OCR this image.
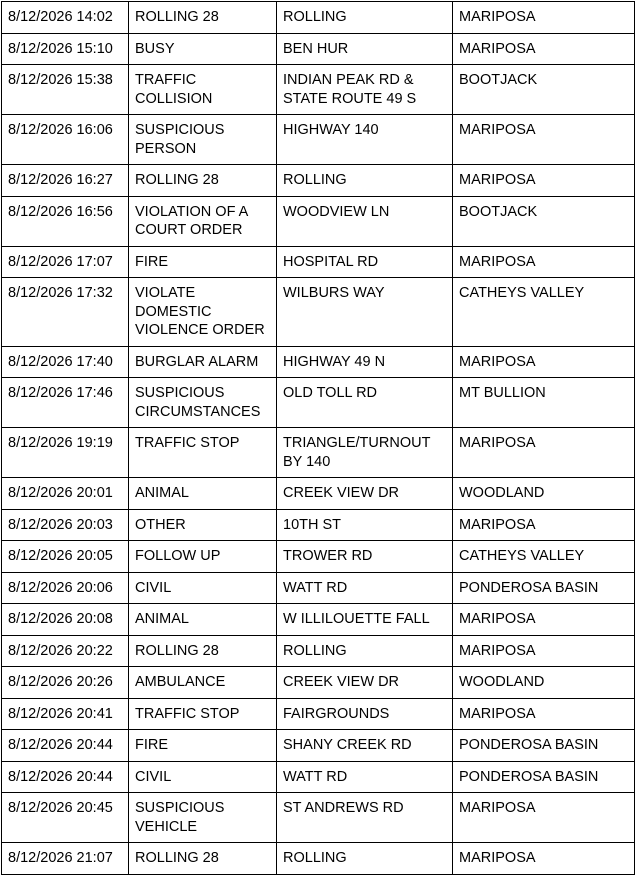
8/12/2026 14:02	ROLLING 28	ROLLING	MARIPOSA
8/12/2026 15:10	BUSY	BEN HUR	MARIPOSA
8/12/2026 15:38	TRAFFIC COLLISION	INDIAN PEAK RD & STATE ROUTE 49 S	BOOTJACK
8/12/2026 16:06	SUSPICIOUS PERSON	HIGHWAY 140	MARIPOSA
8/12/2026 16:27	ROLLING 28	ROLLING	MARIPOSA
8/12/2026 16:56	VIOLATION OF A COURT ORDER	WOODVIEW LN	BOOTJACK
8/12/2026 17:07	FIRE	HOSPITAL RD	MARIPOSA
8/12/2026 17:32	VIOLATE DOMESTIC VIOLENCE ORDER	WILBURS WAY	CATHEYS VALLEY
8/12/2026 17:40	BURGLAR ALARM	HIGHWAY 49 N	MARIPOSA
8/12/2026 17:46	SUSPICIOUS CIRCUMSTANCES	OLD TOLL RD	MT BULLION
8/12/2026 19:19	TRAFFIC STOP	TRIANGLE/TURNOUT BY 140	MARIPOSA
8/12/2026 20:01	ANIMAL	CREEK VIEW DR	WOODLAND
8/12/2026 20:03	OTHER	10TH ST	MARIPOSA
8/12/2026 20:05	FOLLOW UP	TROWER RD	CATHEYS VALLEY
8/12/2026 20:06	CIVIL	WATT RD	PONDEROSA BASIN
8/12/2026 20:08	ANIMAL	W ILLILOUETTE FALL	MARIPOSA
8/12/2026 20:22	ROLLING 28	ROLLING	MARIPOSA
8/12/2026 20:26	AMBULANCE	CREEK VIEW DR	WOODLAND
8/12/2026 20:41	TRAFFIC STOP	FAIRGROUNDS	MARIPOSA
8/12/2026 20:44	FIRE	SHANY CREEK RD	PONDEROSA BASIN
8/12/2026 20:44	CIVIL	WATT RD	PONDEROSA BASIN
8/12/2026 20:45	SUSPICIOUS VEHICLE	ST ANDREWS RD	MARIPOSA
8/12/2026 21:07	ROLLING 28	ROLLING	MARIPOSA
